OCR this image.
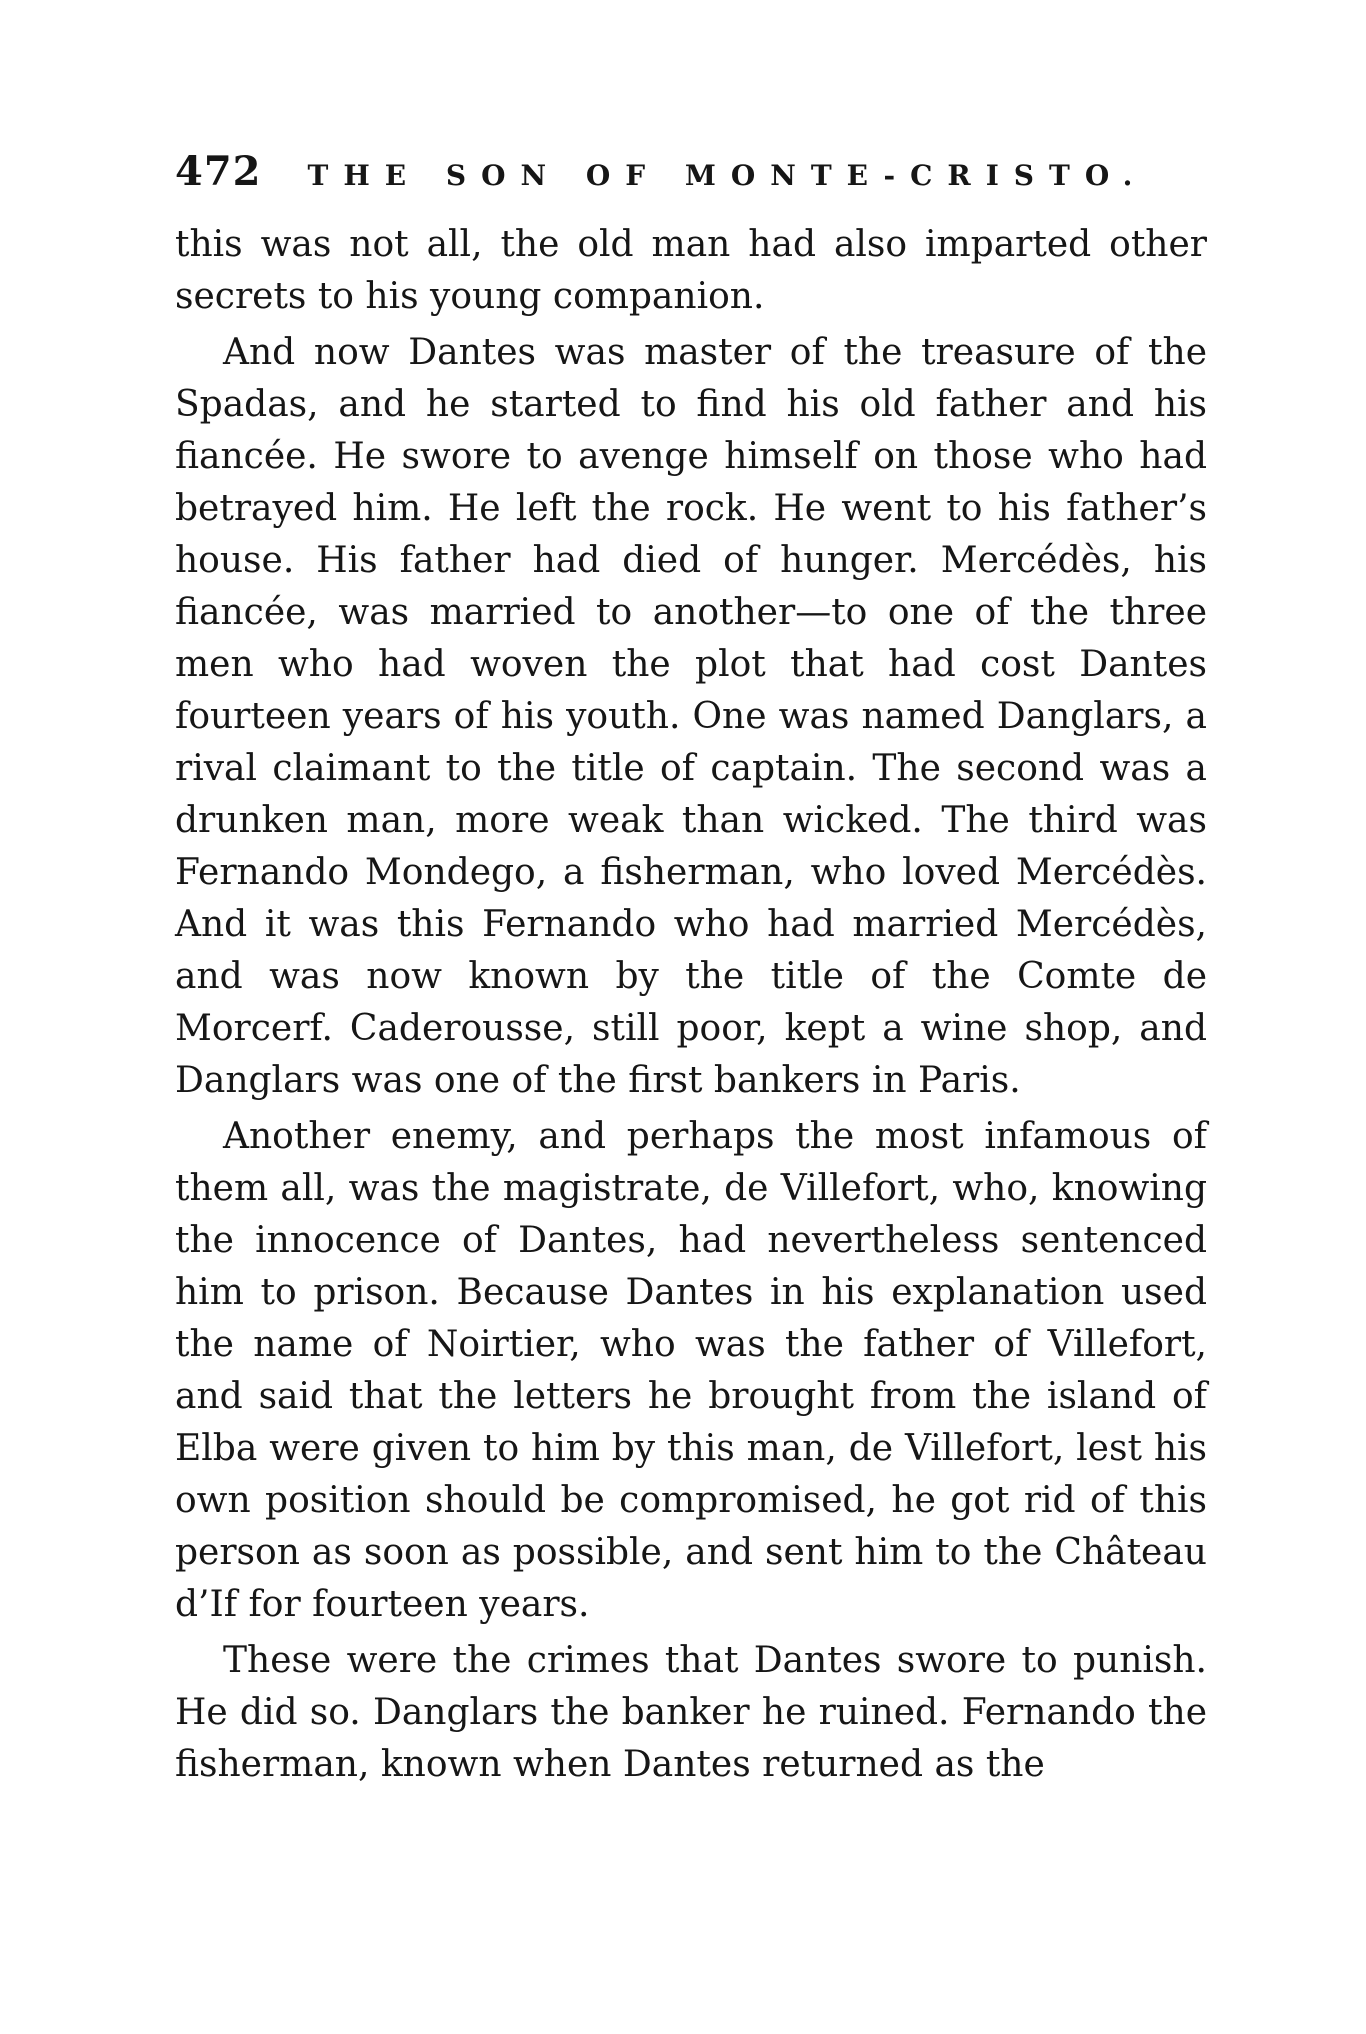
472 THE SON OF MONTE-CRISTO.

this was not all, the old man had also imparted other secrets to his young companion.

And now Dantes was master of the treasure of the Spadas, and he started to find his old father and his fiancée. He swore to avenge himself on those who had betrayed him. He left the rock. He went to his father’s house. His father had died of hunger. Mercédès, his fiancée, was married to another—to one of the three men who had woven the plot that had cost Dantes fourteen years of his youth. One was named Danglars, a rival claimant to the title of captain. The second was a drunken man, more weak than wicked. The third was Fernando Mondego, a fisherman, who loved Mercédès. And it was this Fernando who had married Mercédès, and was now known by the title of the Comte de Morcerf. Caderousse, still poor, kept a wine shop, and Danglars was one of the first bankers in Paris.

Another enemy, and perhaps the most infamous of them all, was the magistrate, de Villefort, who, knowing the innocence of Dantes, had nevertheless sentenced him to prison. Because Dantes in his explanation used the name of Noirtier, who was the father of Villefort, and said that the letters he brought from the island of Elba were given to him by this man, de Villefort, lest his own position should be compromised, he got rid of this person as soon as possible, and sent him to the Château d’If for fourteen years.

These were the crimes that Dantes swore to punish. He did so. Danglars the banker he ruined. Fernando the fisherman, known when Dantes returned as the
